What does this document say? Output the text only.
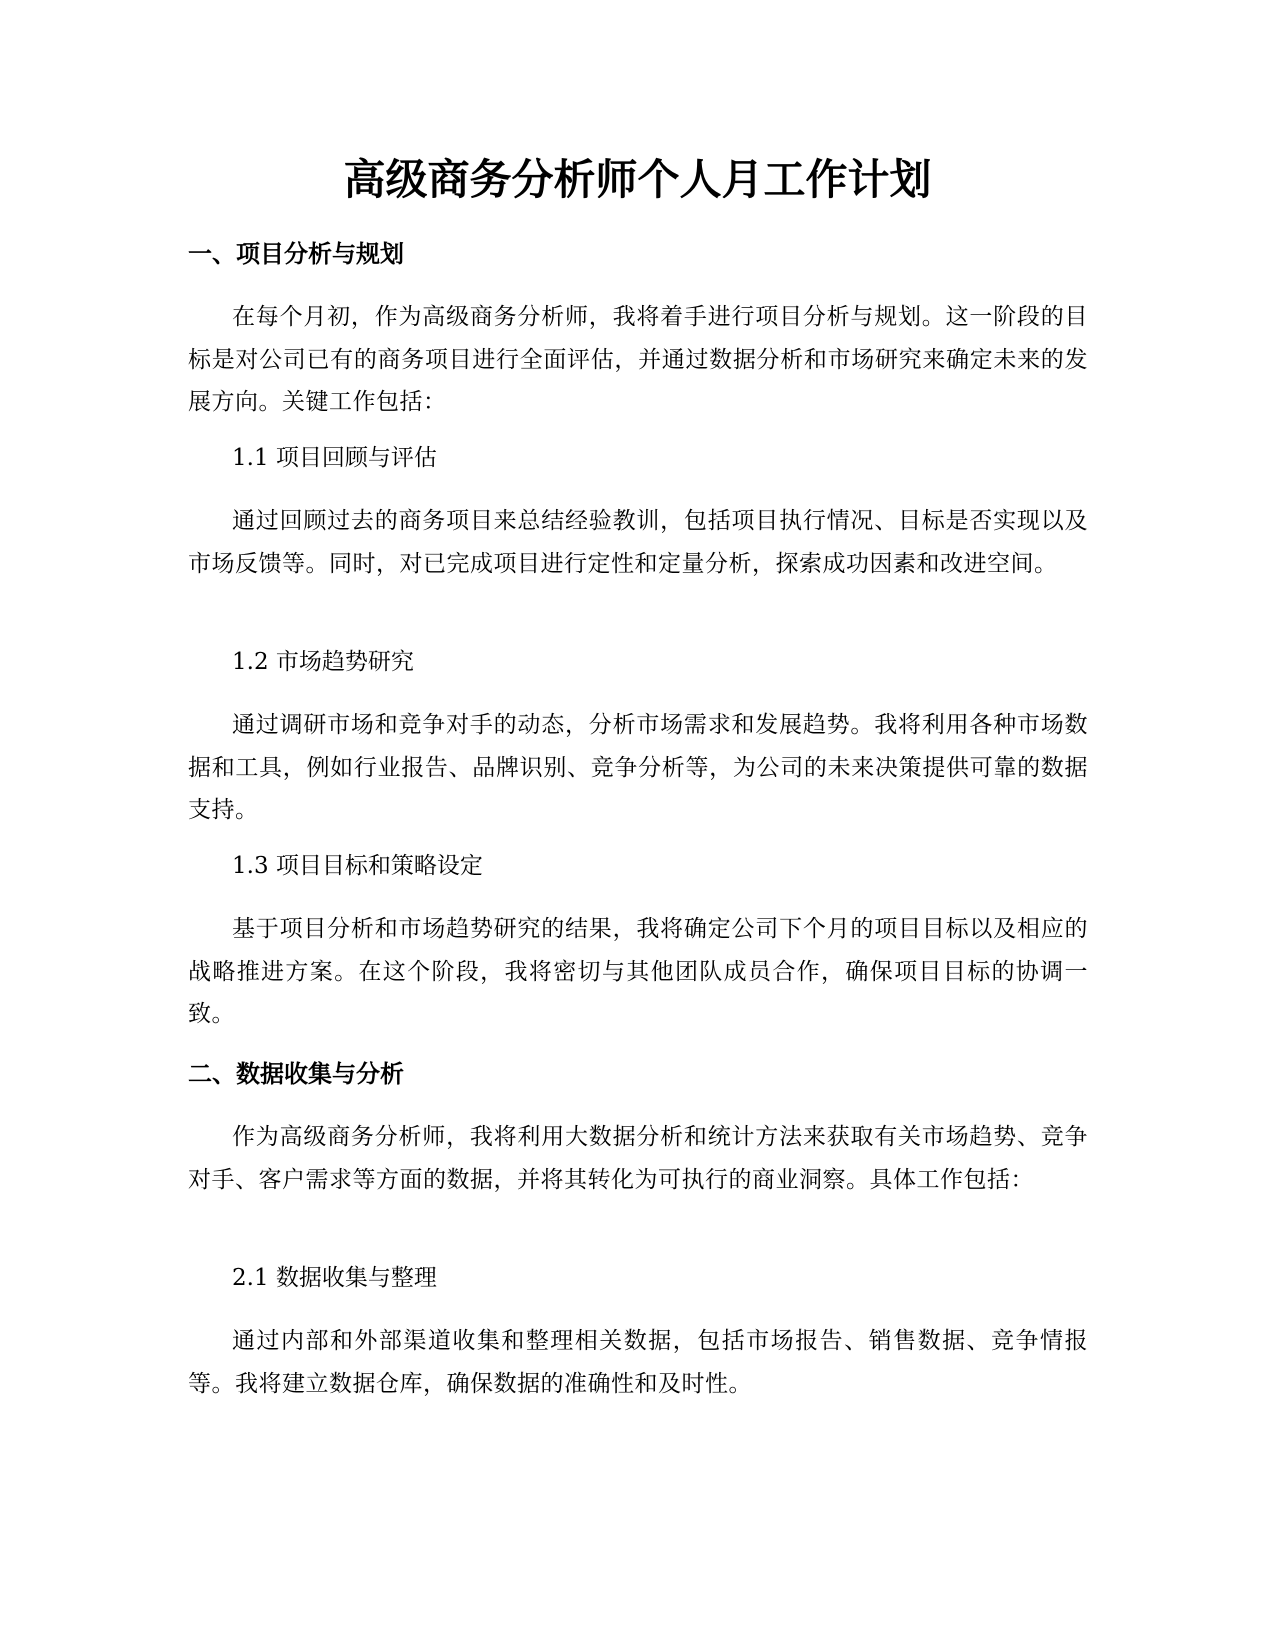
高级商务分析师个人月工作计划
一、项目分析与规划

在每个月初，作为高级商务分析师，我将着手进行项目分析与规划。这一阶段的目标是对公司已有的商务项目进行全面评估，并通过数据分析和市场研究来确定未来的发展方向。关键工作包括：

1.1 项目回顾与评估

通过回顾过去的商务项目来总结经验教训，包括项目执行情况、目标是否实现以及市场反馈等。同时，对已完成项目进行定性和定量分析，探索成功因素和改进空间。

1.2 市场趋势研究

通过调研市场和竞争对手的动态，分析市场需求和发展趋势。我将利用各种市场数据和工具，例如行业报告、品牌识别、竞争分析等，为公司的未来决策提供可靠的数据支持。

1.3 项目目标和策略设定

基于项目分析和市场趋势研究的结果，我将确定公司下个月的项目目标以及相应的战略推进方案。在这个阶段，我将密切与其他团队成员合作，确保项目目标的协调一致。

二、数据收集与分析

作为高级商务分析师，我将利用大数据分析和统计方法来获取有关市场趋势、竞争对手、客户需求等方面的数据，并将其转化为可执行的商业洞察。具体工作包括：

2.1 数据收集与整理

通过内部和外部渠道收集和整理相关数据，包括市场报告、销售数据、竞争情报等。我将建立数据仓库，确保数据的准确性和及时性。
